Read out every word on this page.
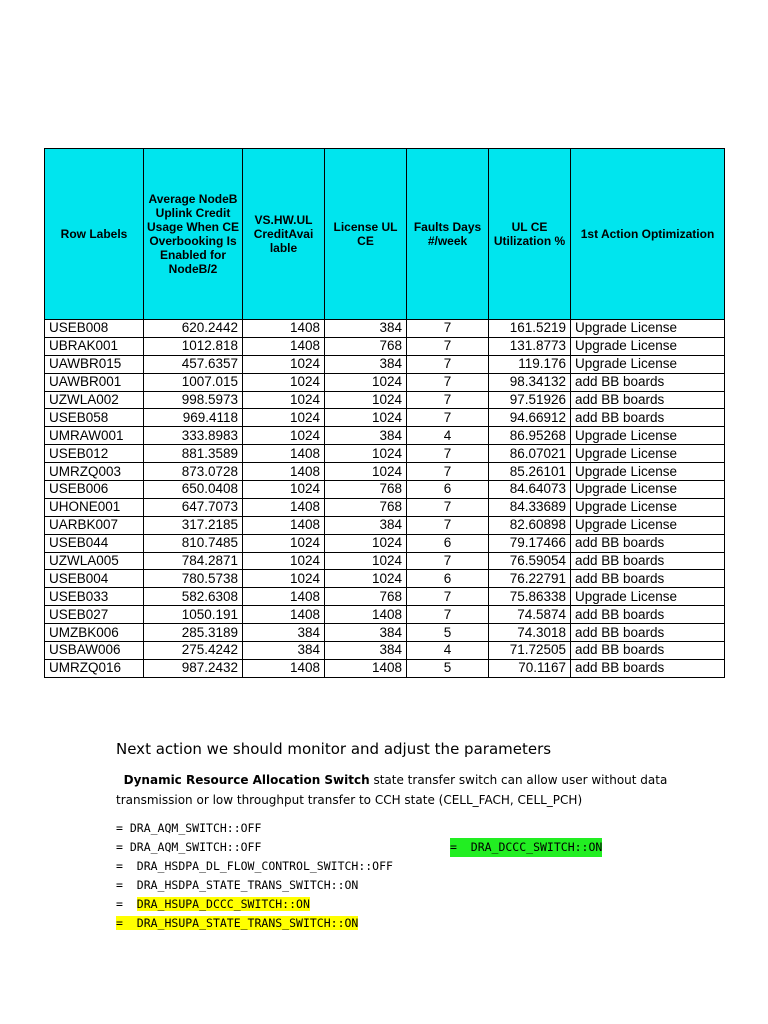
Row Labels	Average NodeB Uplink Credit Usage When CE Overbooking Is Enabled for NodeB/2	VS.HW.UL CreditAvai lable	License UL CE	Faults Days #/week	UL CE Utilization %	1st Action Optimization
USEB008	620.2442	1408	384	7	161.5219	Upgrade License
UBRAK001	1012.818	1408	768	7	131.8773	Upgrade License
UAWBR015	457.6357	1024	384	7	119.176	Upgrade License
UAWBR001	1007.015	1024	1024	7	98.34132	add BB boards
UZWLA002	998.5973	1024	1024	7	97.51926	add BB boards
USEB058	969.4118	1024	1024	7	94.66912	add BB boards
UMRAW001	333.8983	1024	384	4	86.95268	Upgrade License
USEB012	881.3589	1408	1024	7	86.07021	Upgrade License
UMRZQ003	873.0728	1408	1024	7	85.26101	Upgrade License
USEB006	650.0408	1024	768	6	84.64073	Upgrade License
UHONE001	647.7073	1408	768	7	84.33689	Upgrade License
UARBK007	317.2185	1408	384	7	82.60898	Upgrade License
USEB044	810.7485	1024	1024	6	79.17466	add BB boards
UZWLA005	784.2871	1024	1024	7	76.59054	add BB boards
USEB004	780.5738	1024	1024	6	76.22791	add BB boards
USEB033	582.6308	1408	768	7	75.86338	Upgrade License
USEB027	1050.191	1408	1408	7	74.5874	add BB boards
UMZBK006	285.3189	384	384	5	74.3018	add BB boards
USBAW006	275.4242	384	384	4	71.72505	add BB boards
UMRZQ016	987.2432	1408	1408	5	70.1167	add BB boards
Next action we should monitor and adjust the parameters
Dynamic Resource Allocation Switch state transfer switch can allow user without data transmission or low throughput transfer to CCH state (CELL_FACH, CELL_PCH)
= DRA_AQM_SWITCH::OFF
= DRA_AQM_SWITCH::OFF	=  DRA_DCCC_SWITCH::ON
=  DRA_HSDPA_DL_FLOW_CONTROL_SWITCH::OFF
=  DRA_HSDPA_STATE_TRANS_SWITCH::ON
=  DRA_HSUPA_DCCC_SWITCH::ON
=  DRA_HSUPA_STATE_TRANS_SWITCH::ON
